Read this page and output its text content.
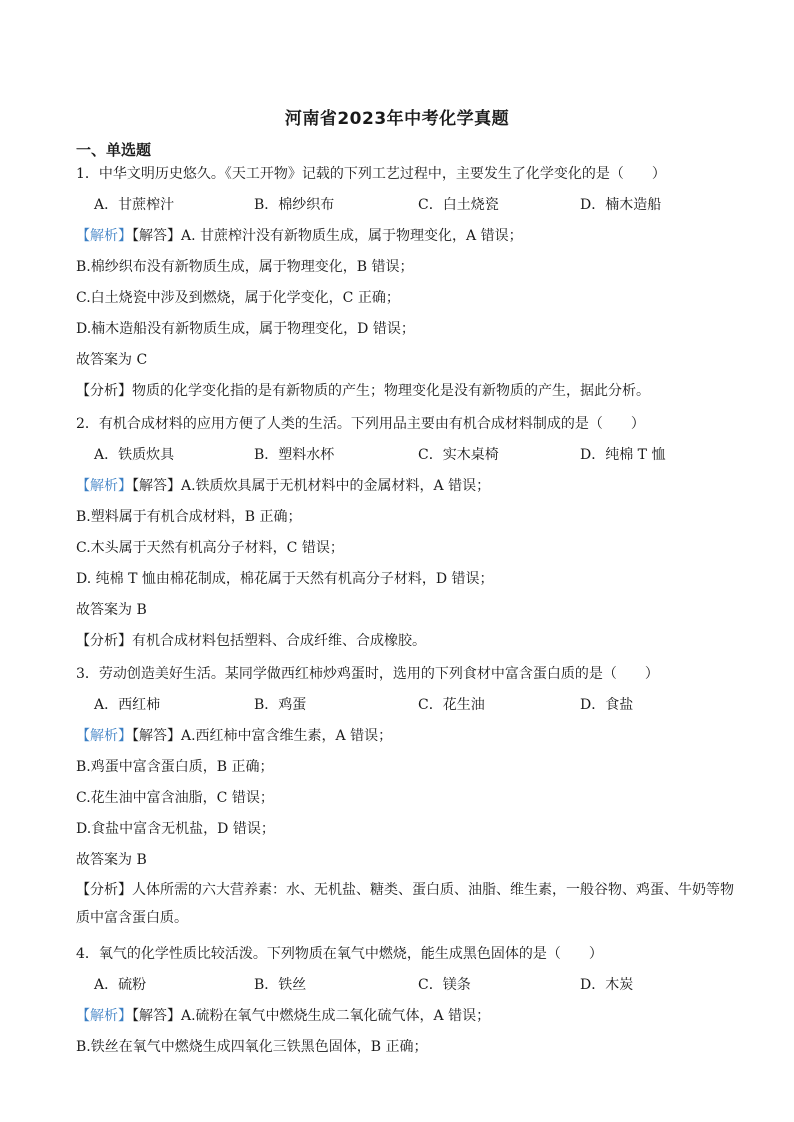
河南省2023年中考化学真题
一、单选题
1．中华文明历史悠久。《天工开物》记载的下列工艺过程中，主要发生了化学变化的是（　　）
A．甘蔗榨汁	B．棉纱织布	C．白土烧瓷	D．楠木造船
【解析】【解答】A. 甘蔗榨汁没有新物质生成，属于物理变化，A 错误；
B.棉纱织布没有新物质生成，属于物理变化，B 错误；
C.白土烧瓷中涉及到燃烧，属于化学变化，C 正确；
D.楠木造船没有新物质生成，属于物理变化，D 错误；
故答案为 C
【分析】物质的化学变化指的是有新物质的产生；物理变化是没有新物质的产生，据此分析。
2．有机合成材料的应用方便了人类的生活。下列用品主要由有机合成材料制成的是（　　）
A．铁质炊具	B．塑料水杯	C．实木桌椅	D．纯棉 T 恤
【解析】【解答】A.铁质炊具属于无机材料中的金属材料，A 错误；
B.塑料属于有机合成材料，B 正确；
C.木头属于天然有机高分子材料，C 错误；
D. 纯棉 T 恤由棉花制成，棉花属于天然有机高分子材料，D 错误；
故答案为 B
【分析】有机合成材料包括塑料、合成纤维、合成橡胶。
3．劳动创造美好生活。某同学做西红柿炒鸡蛋时，选用的下列食材中富含蛋白质的是（　　）
A．西红柿	B．鸡蛋	C．花生油	D．食盐
【解析】【解答】A.西红柿中富含维生素，A 错误；
B.鸡蛋中富含蛋白质，B 正确；
C.花生油中富含油脂，C 错误；
D.食盐中富含无机盐，D 错误；
故答案为 B
【分析】人体所需的六大营养素：水、无机盐、糖类、蛋白质、油脂、维生素，一般谷物、鸡蛋、牛奶等物质中富含蛋白质。
4．氧气的化学性质比较活泼。下列物质在氧气中燃烧，能生成黑色固体的是（　　）
A．硫粉	B．铁丝	C．镁条	D．木炭
【解析】【解答】A.硫粉在氧气中燃烧生成二氧化硫气体，A 错误；
B.铁丝在氧气中燃烧生成四氧化三铁黑色固体，B 正确；
